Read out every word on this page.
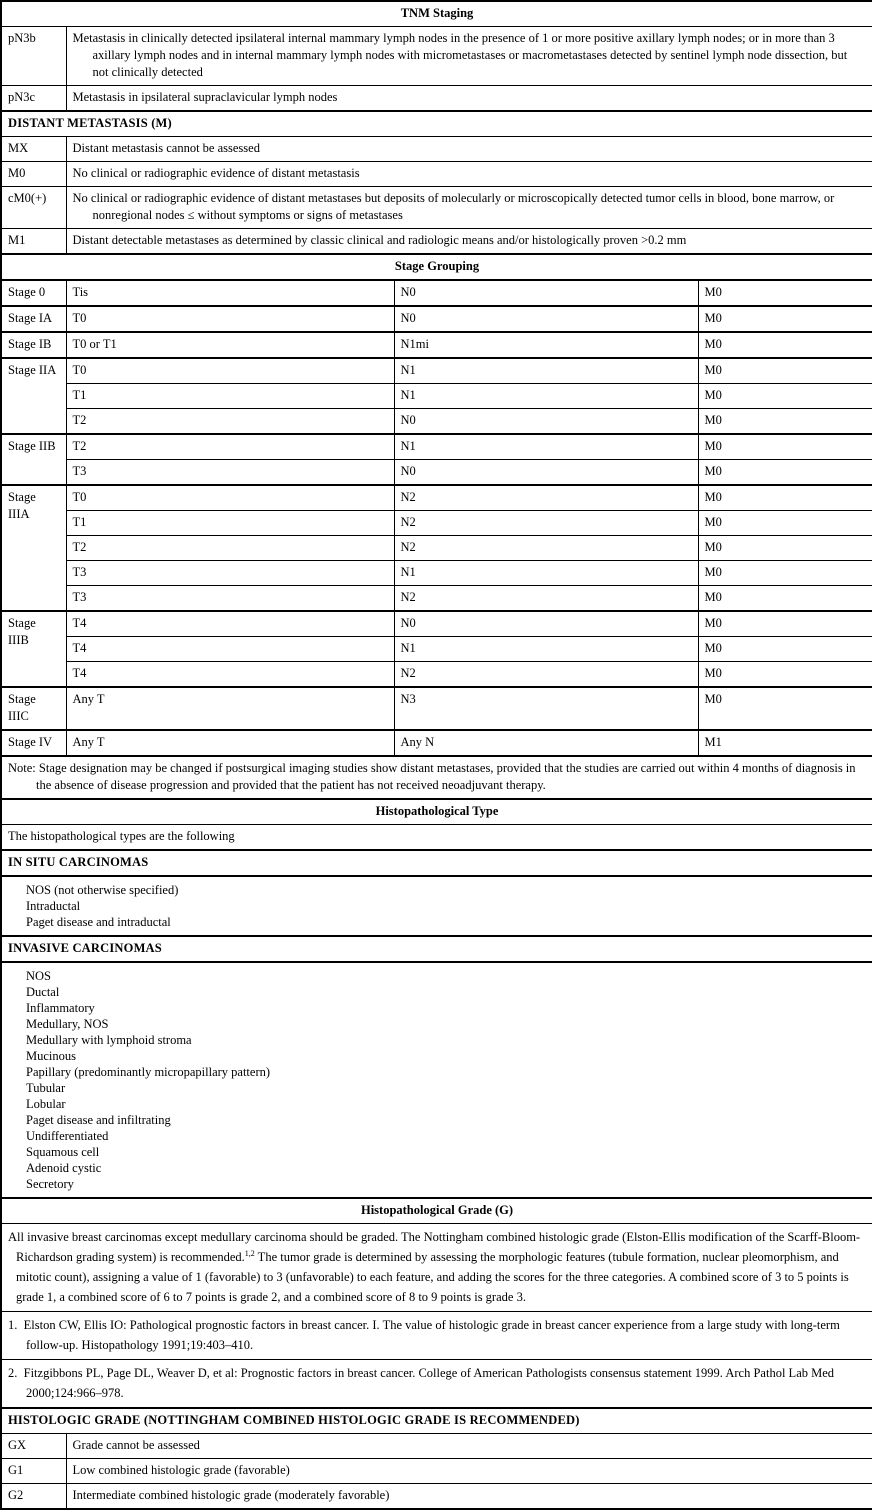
TNM Staging			
pN3b	Metastasis in clinically detected ipsilateral internal mammary lymph nodes in the presence of 1 or more positive axillary lymph nodes; or in more than 3 axillary lymph nodes and in internal mammary lymph nodes with micrometastases or macrometastases detected by sentinel lymph node dissection, but not clinically detected		
pN3c	Metastasis in ipsilateral supraclavicular lymph nodes		
DISTANT METASTASIS (M)			
MX	Distant metastasis cannot be assessed		
M0	No clinical or radiographic evidence of distant metastasis		
cM0(+)	No clinical or radiographic evidence of distant metastases but deposits of molecularly or microscopically detected tumor cells in blood, bone marrow, or nonregional nodes ≤ without symptoms or signs of metastases		
M1	Distant detectable metastases as determined by classic clinical and radiologic means and/or histologically proven >0.2 mm		
Stage Grouping			
Stage 0	Tis	N0	M0
Stage IA	T0	N0	M0
Stage IB	T0 or T1	N1mi	M0
Stage IIA	T0	N1	M0
	T1	N1	M0
	T2	N0	M0
Stage IIB	T2	N1	M0
	T3	N0	M0
Stage IIIA	T0	N2	M0
	T1	N2	M0
	T2	N2	M0
	T3	N1	M0
	T3	N2	M0
Stage IIIB	T4	N0	M0
	T4	N1	M0
	T4	N2	M0
Stage IIIC	Any T	N3	M0
Stage IV	Any T	Any N	M1
Note: Stage designation may be changed if postsurgical imaging studies show distant metastases, provided that the studies are carried out within 4 months of diagnosis in the absence of disease progression and provided that the patient has not received neoadjuvant therapy.			
Histopathological Type			
The histopathological types are the following			
IN SITU CARCINOMAS			

NOS (not otherwise specified)
Intraductal
Paget disease and intraductal			

INVASIVE CARCINOMAS			

NOS
Ductal
Inflammatory
Medullary, NOS
Medullary with lymphoid stroma
Mucinous
Papillary (predominantly micropapillary pattern)
Tubular
Lobular
Paget disease and infiltrating
Undifferentiated
Squamous cell
Adenoid cystic
Secretory

Histopathological Grade (G)			
All invasive breast carcinomas except medullary carcinoma should be graded. The Nottingham combined histologic grade (Elston-Ellis modification of the Scarff-Bloom-Richardson grading system) is recommended.$^{1,2}$ The tumor grade is determined by assessing the morphologic features (tubule formation, nuclear pleomorphism, and mitotic count), assigning a value of 1 (favorable) to 3 (unfavorable) to each feature, and adding the scores for the three categories. A combined score of 3 to 5 points is grade 1, a combined score of 6 to 7 points is grade 2, and a combined score of 8 to 9 points is grade 3.			
1. Elston CW, Ellis IO: Pathological prognostic factors in breast cancer. I. The value of histologic grade in breast cancer experience from a large study with long-term follow-up. Histopathology 1991;19:403–410.			
2. Fitzgibbons PL, Page DL, Weaver D, et al: Prognostic factors in breast cancer. College of American Pathologists consensus statement 1999. Arch Pathol Lab Med 2000;124:966–978.			
HISTOLOGIC GRADE (NOTTINGHAM COMBINED HISTOLOGIC GRADE IS RECOMMENDED)			
GX	Grade cannot be assessed		
G1	Low combined histologic grade (favorable)		
G2	Intermediate combined histologic grade (moderately favorable)		
